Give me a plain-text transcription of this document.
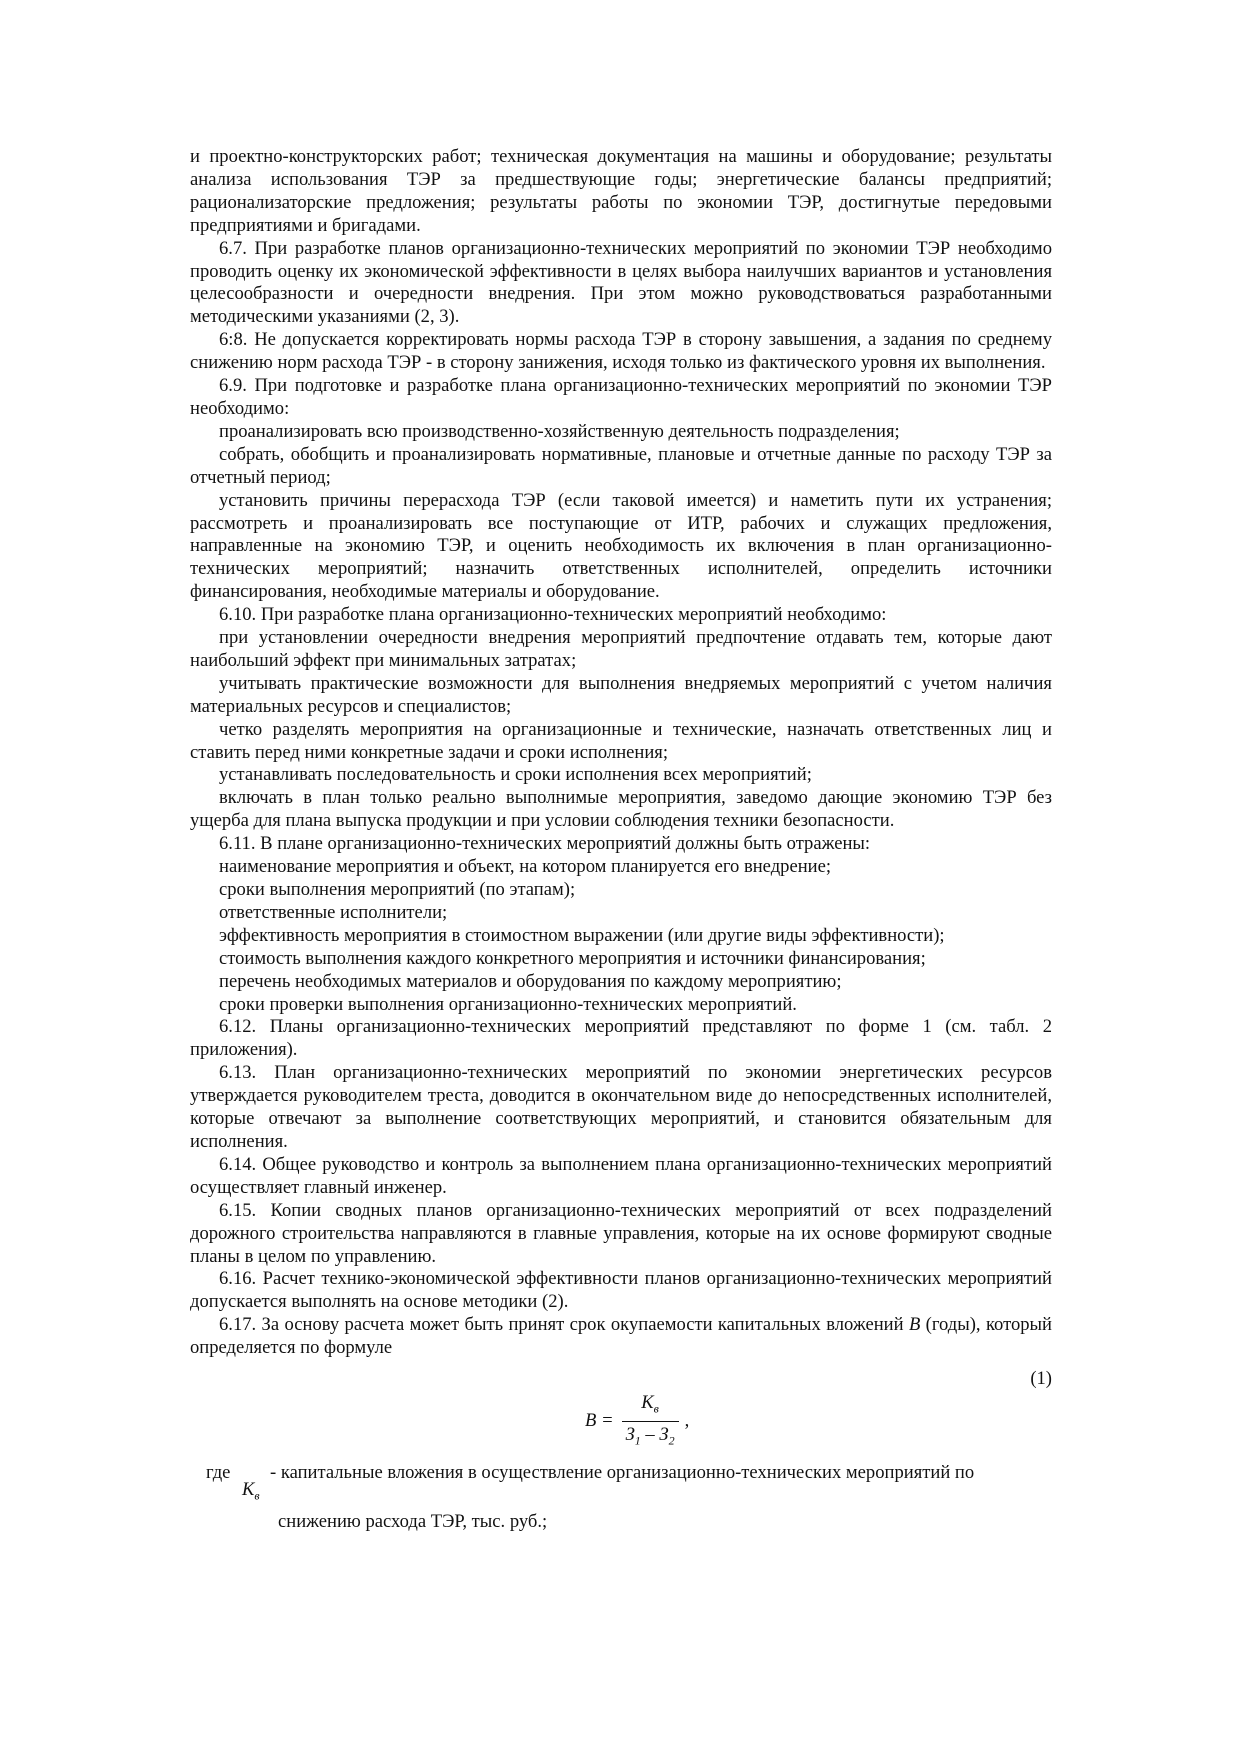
и проектно-конструкторских работ; техническая документация на машины и оборудование; результаты анализа использования ТЭР за предшествующие годы; энергетические балансы предприятий; рационализаторские предложения; результаты работы по экономии ТЭР, достигнутые передовыми предприятиями и бригадами.

6.7. При разработке планов организационно-технических мероприятий по экономии ТЭР необходимо проводить оценку их экономической эффективности в целях выбора наилучших вариантов и установления целесообразности и очередности внедрения. При этом можно руководствоваться разработанными методическими указаниями (2, 3).

6:8. Не допускается корректировать нормы расхода ТЭР в сторону завышения, а задания по среднему снижению норм расхода ТЭР - в сторону занижения, исходя только из фактического уровня их выполнения.

6.9. При подготовке и разработке плана организационно-технических мероприятий по экономии ТЭР необходимо:

проанализировать всю производственно-хозяйственную деятельность подразделения;

собрать, обобщить и проанализировать нормативные, плановые и отчетные данные по расходу ТЭР за отчетный период;

установить причины перерасхода ТЭР (если таковой имеется) и наметить пути их устранения; рассмотреть и проанализировать все поступающие от ИТР, рабочих и служащих предложения, направленные на экономию ТЭР, и оценить необходимость их включения в план организационно-технических мероприятий; назначить ответственных исполнителей, определить источники финансирования, необходимые материалы и оборудование.

6.10. При разработке плана организационно-технических мероприятий необходимо:

при установлении очередности внедрения мероприятий предпочтение отдавать тем, которые дают наибольший эффект при минимальных затратах;

учитывать практические возможности для выполнения внедряемых мероприятий с учетом наличия материальных ресурсов и специалистов;

четко разделять мероприятия на организационные и технические, назначать ответственных лиц и ставить перед ними конкретные задачи и сроки исполнения;

устанавливать последовательность и сроки исполнения всех мероприятий;

включать в план только реально выполнимые мероприятия, заведомо дающие экономию ТЭР без ущерба для плана выпуска продукции и при условии соблюдения техники безопасности.

6.11. В плане организационно-технических мероприятий должны быть отражены:

наименование мероприятия и объект, на котором планируется его внедрение;

сроки выполнения мероприятий (по этапам);

ответственные исполнители;

эффективность мероприятия в стоимостном выражении (или другие виды эффективности);

стоимость выполнения каждого конкретного мероприятия и источники финансирования;

перечень необходимых материалов и оборудования по каждому мероприятию;

сроки проверки выполнения организационно-технических мероприятий.

6.12. Планы организационно-технических мероприятий представляют по форме 1 (см. табл. 2 приложения).

6.13. План организационно-технических мероприятий по экономии энергетических ресурсов утверждается руководителем треста, доводится в окончательном виде до непосредственных исполнителей, которые отвечают за выполнение соответствующих мероприятий, и становится обязательным для исполнения.

6.14. Общее руководство и контроль за выполнением плана организационно-технических мероприятий осуществляет главный инженер.

6.15. Копии сводных планов организационно-технических мероприятий от всех подразделений дорожного строительства направляются в главные управления, которые на их основе формируют сводные планы в целом по управлению.

6.16. Расчет технико-экономической эффективности планов организационно-технических мероприятий допускается выполнять на основе методики (2).

6.17. За основу расчета может быть принят срок окупаемости капитальных вложений В (годы), который определяется по формуле

(1)
$В = \frac{К_в}{З_1 - З_2}$ ,
где
$К_в$
- капитальные вложения в осуществление организационно-технических мероприятий по
снижению расхода ТЭР, тыс. руб.;
